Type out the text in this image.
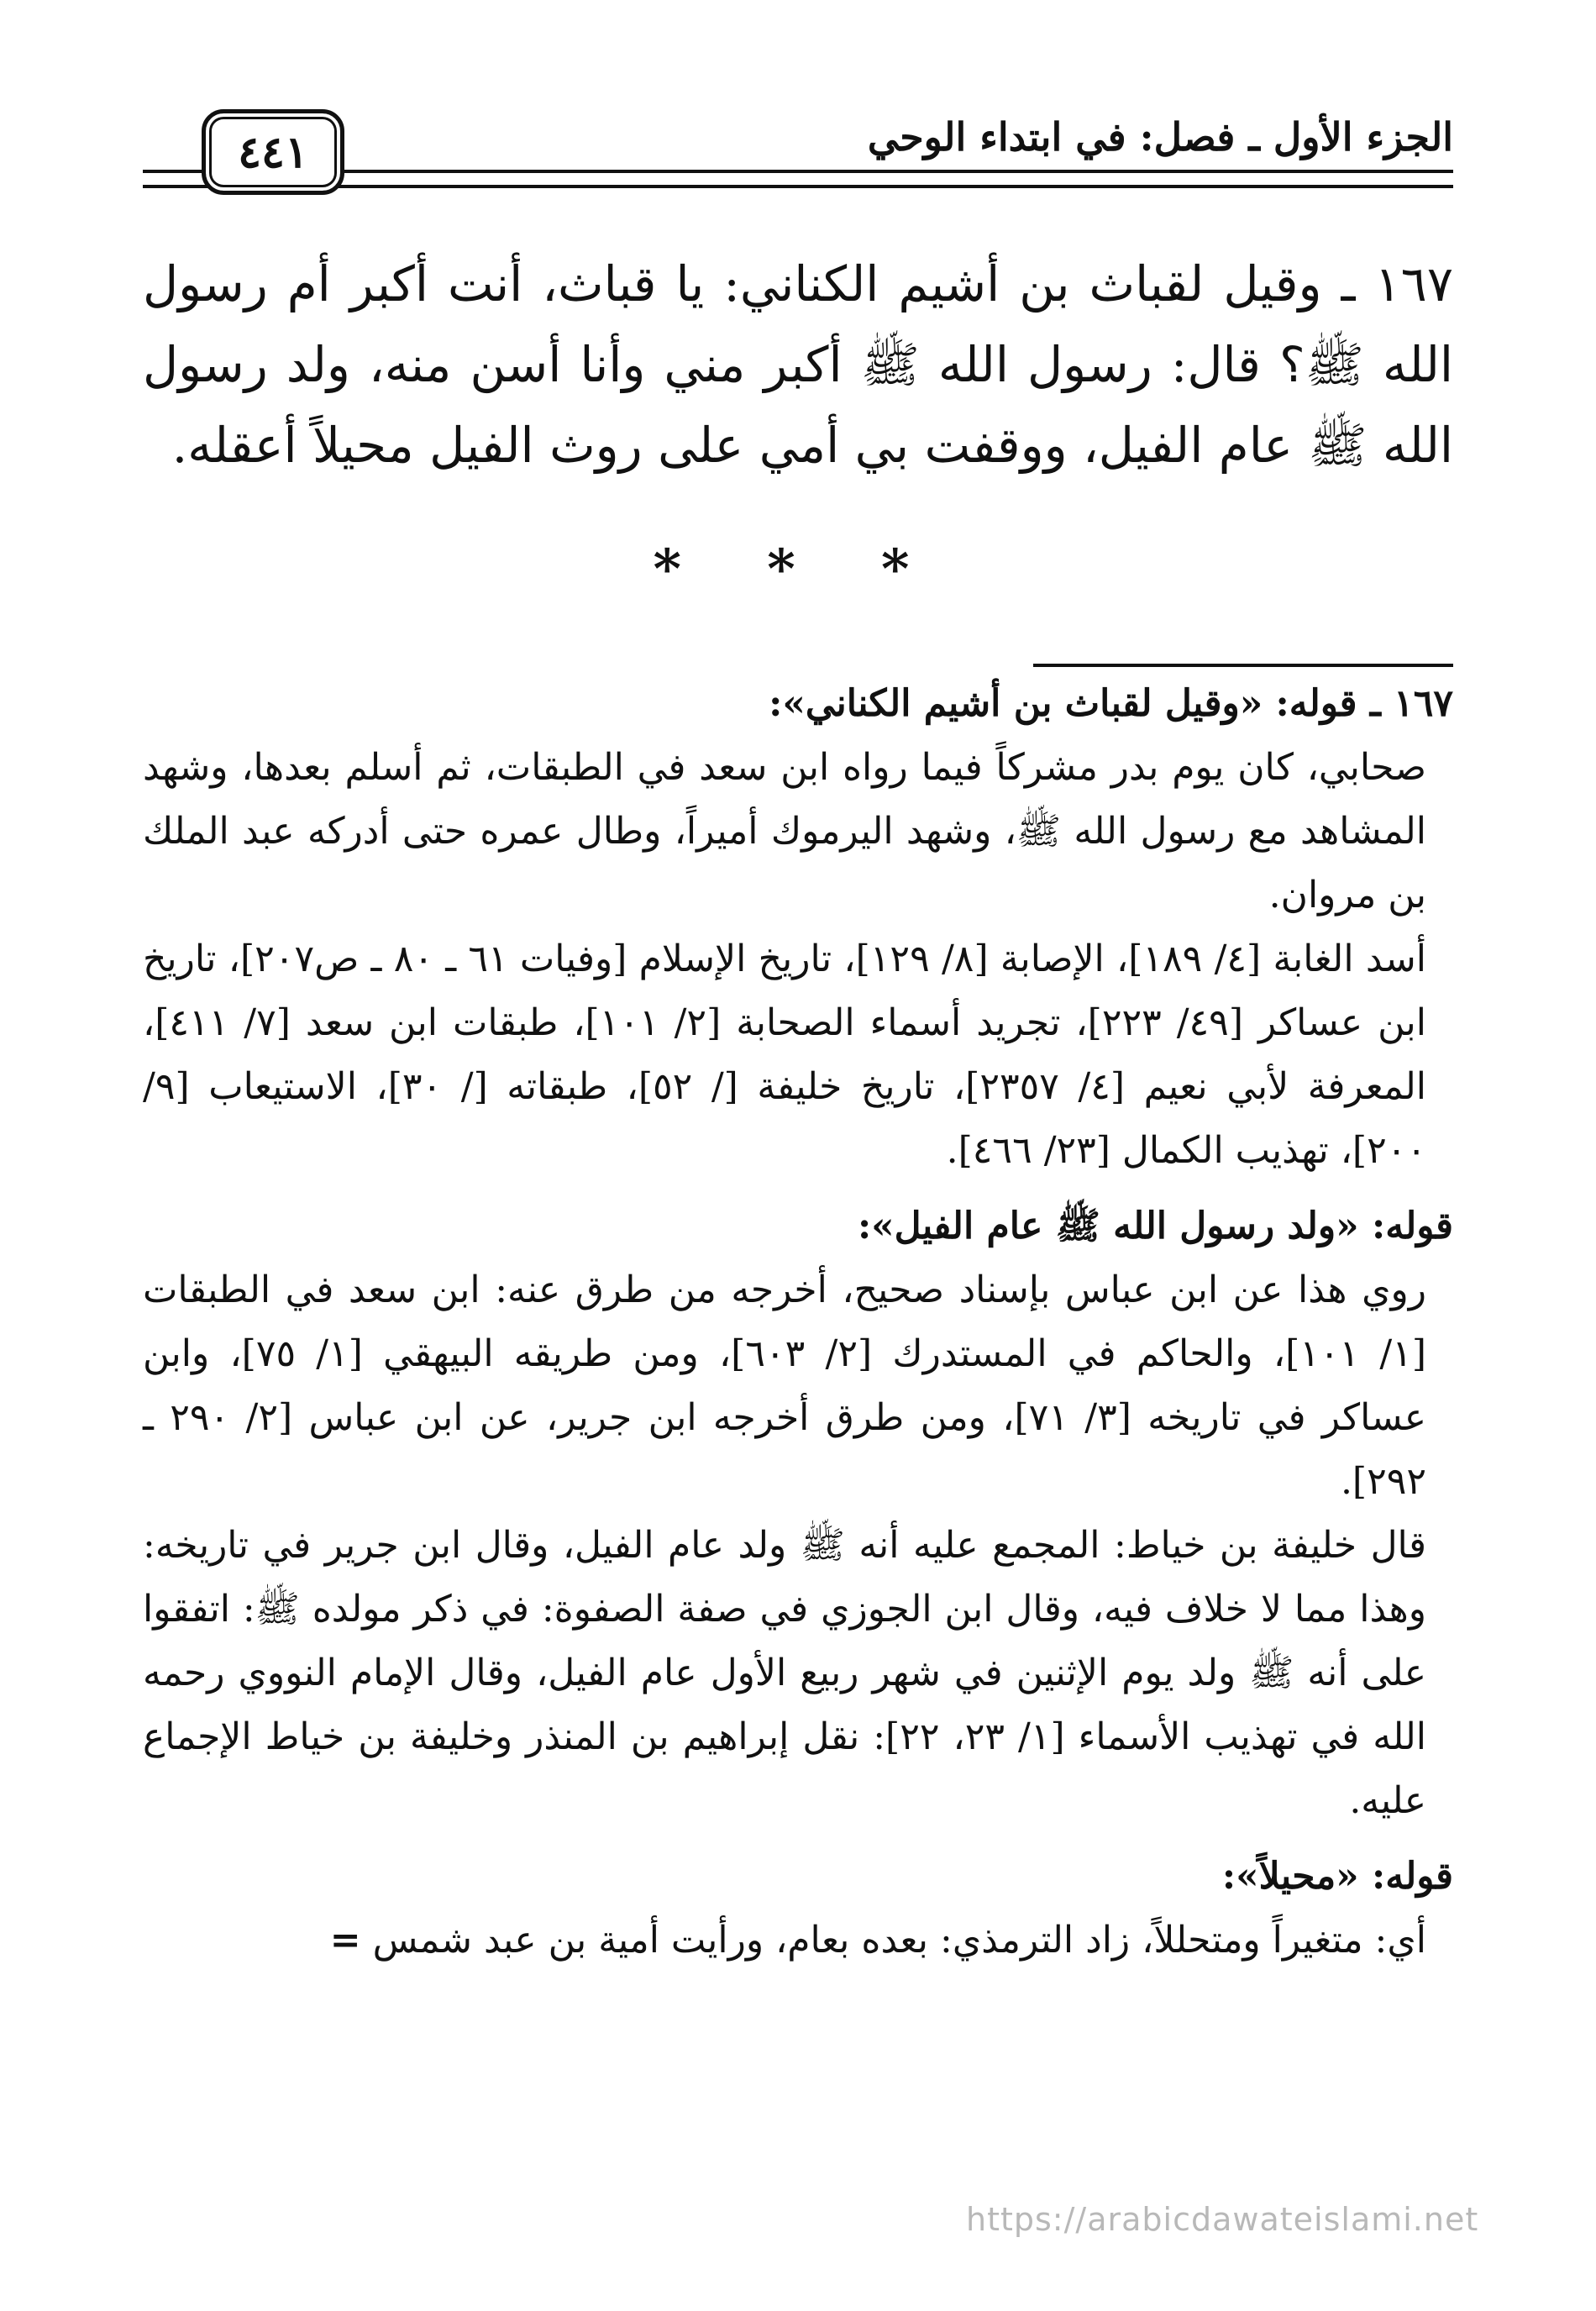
الجزء الأول ـ فصل: في ابتداء الوحي
٤٤١

١٦٧ ـ وقيل لقباث بن أشيم الكناني: يا قباث، أنت أكبر أم رسول الله ﷺ؟ قال: رسول الله ﷺ أكبر مني وأنا أسن منه، ولد رسول الله ﷺ عام الفيل، ووقفت بي أمي على روث الفيل محيلاً أعقله.

* * *

١٦٧ ـ قوله: «وقيل لقباث بن أشيم الكناني»:

صحابي، كان يوم بدر مشركاً فيما رواه ابن سعد في الطبقات، ثم أسلم بعدها، وشهد المشاهد مع رسول الله ﷺ، وشهد اليرموك أميراً، وطال عمره حتى أدركه عبد الملك بن مروان.

أسد الغابة [٤/ ١٨٩]، الإصابة [٨/ ١٢٩]، تاريخ الإسلام [وفيات ٦١ ـ ٨٠ ـ ص٢٠٧]، تاريخ ابن عساكر [٤٩/ ٢٢٣]، تجريد أسماء الصحابة [٢/ ١٠١]، طبقات ابن سعد [٧/ ٤١١]، المعرفة لأبي نعيم [٤/ ٢٣٥٧]، تاريخ خليفة [/ ٥٢]، طبقاته [/ ٣٠]، الاستيعاب [٩/ ٢٠٠]، تهذيب الكمال [٢٣/ ٤٦٦].

قوله: «ولد رسول الله ﷺ عام الفيل»:

روي هذا عن ابن عباس بإسناد صحيح، أخرجه من طرق عنه: ابن سعد في الطبقات [١/ ١٠١]، والحاكم في المستدرك [٢/ ٦٠٣]، ومن طريقه البيهقي [١/ ٧٥]، وابن عساكر في تاريخه [٣/ ٧١]، ومن طرق أخرجه ابن جرير، عن ابن عباس [٢/ ٢٩٠ ـ ٢٩٢].

قال خليفة بن خياط: المجمع عليه أنه ﷺ ولد عام الفيل، وقال ابن جرير في تاريخه: وهذا مما لا خلاف فيه، وقال ابن الجوزي في صفة الصفوة: في ذكر مولده ﷺ: اتفقوا على أنه ﷺ ولد يوم الإثنين في شهر ربيع الأول عام الفيل، وقال الإمام النووي رحمه الله في تهذيب الأسماء [١/ ٢٣، ٢٢]: نقل إبراهيم بن المنذر وخليفة بن خياط الإجماع عليه.

قوله: «محيلاً»:

أي: متغيراً ومتحللاً، زاد الترمذي: بعده بعام، ورأيت أمية بن عبد شمس =

https://arabicdawateislami.net
